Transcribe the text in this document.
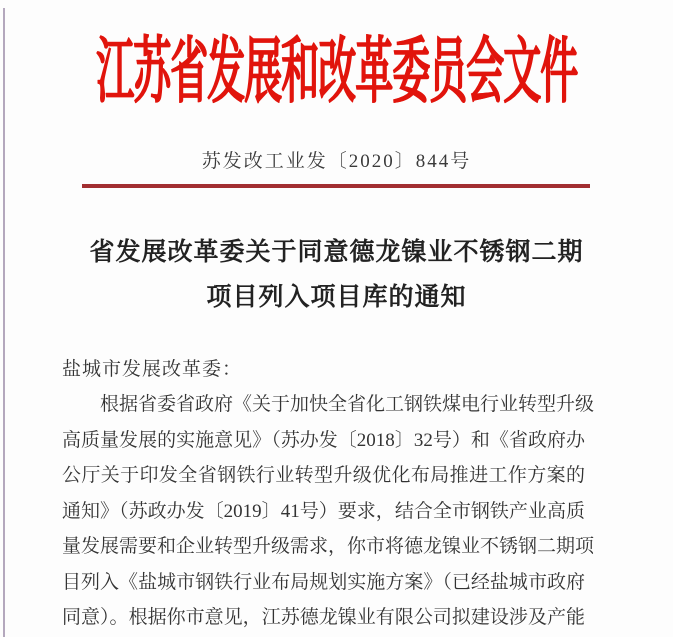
江苏省发展和改革委员会文件
苏发改工业发〔2020〕844号
省发展改革委关于同意德龙镍业不锈钢二期
项目列入项目库的通知
盐城市发展改革委：
根据省委省政府《关于加快全省化工钢铁煤电行业转型升级
高质量发展的实施意见》（苏办发〔2018〕32号）和《省政府办
公厅关于印发全省钢铁行业转型升级优化布局推进工作方案的
通知》（苏政办发〔2019〕41号）要求，结合全市钢铁产业高质
量发展需要和企业转型升级需求，你市将德龙镍业不锈钢二期项
目列入《盐城市钢铁行业布局规划实施方案》（已经盐城市政府
同意）。根据你市意见，江苏德龙镍业有限公司拟建设涉及产能
